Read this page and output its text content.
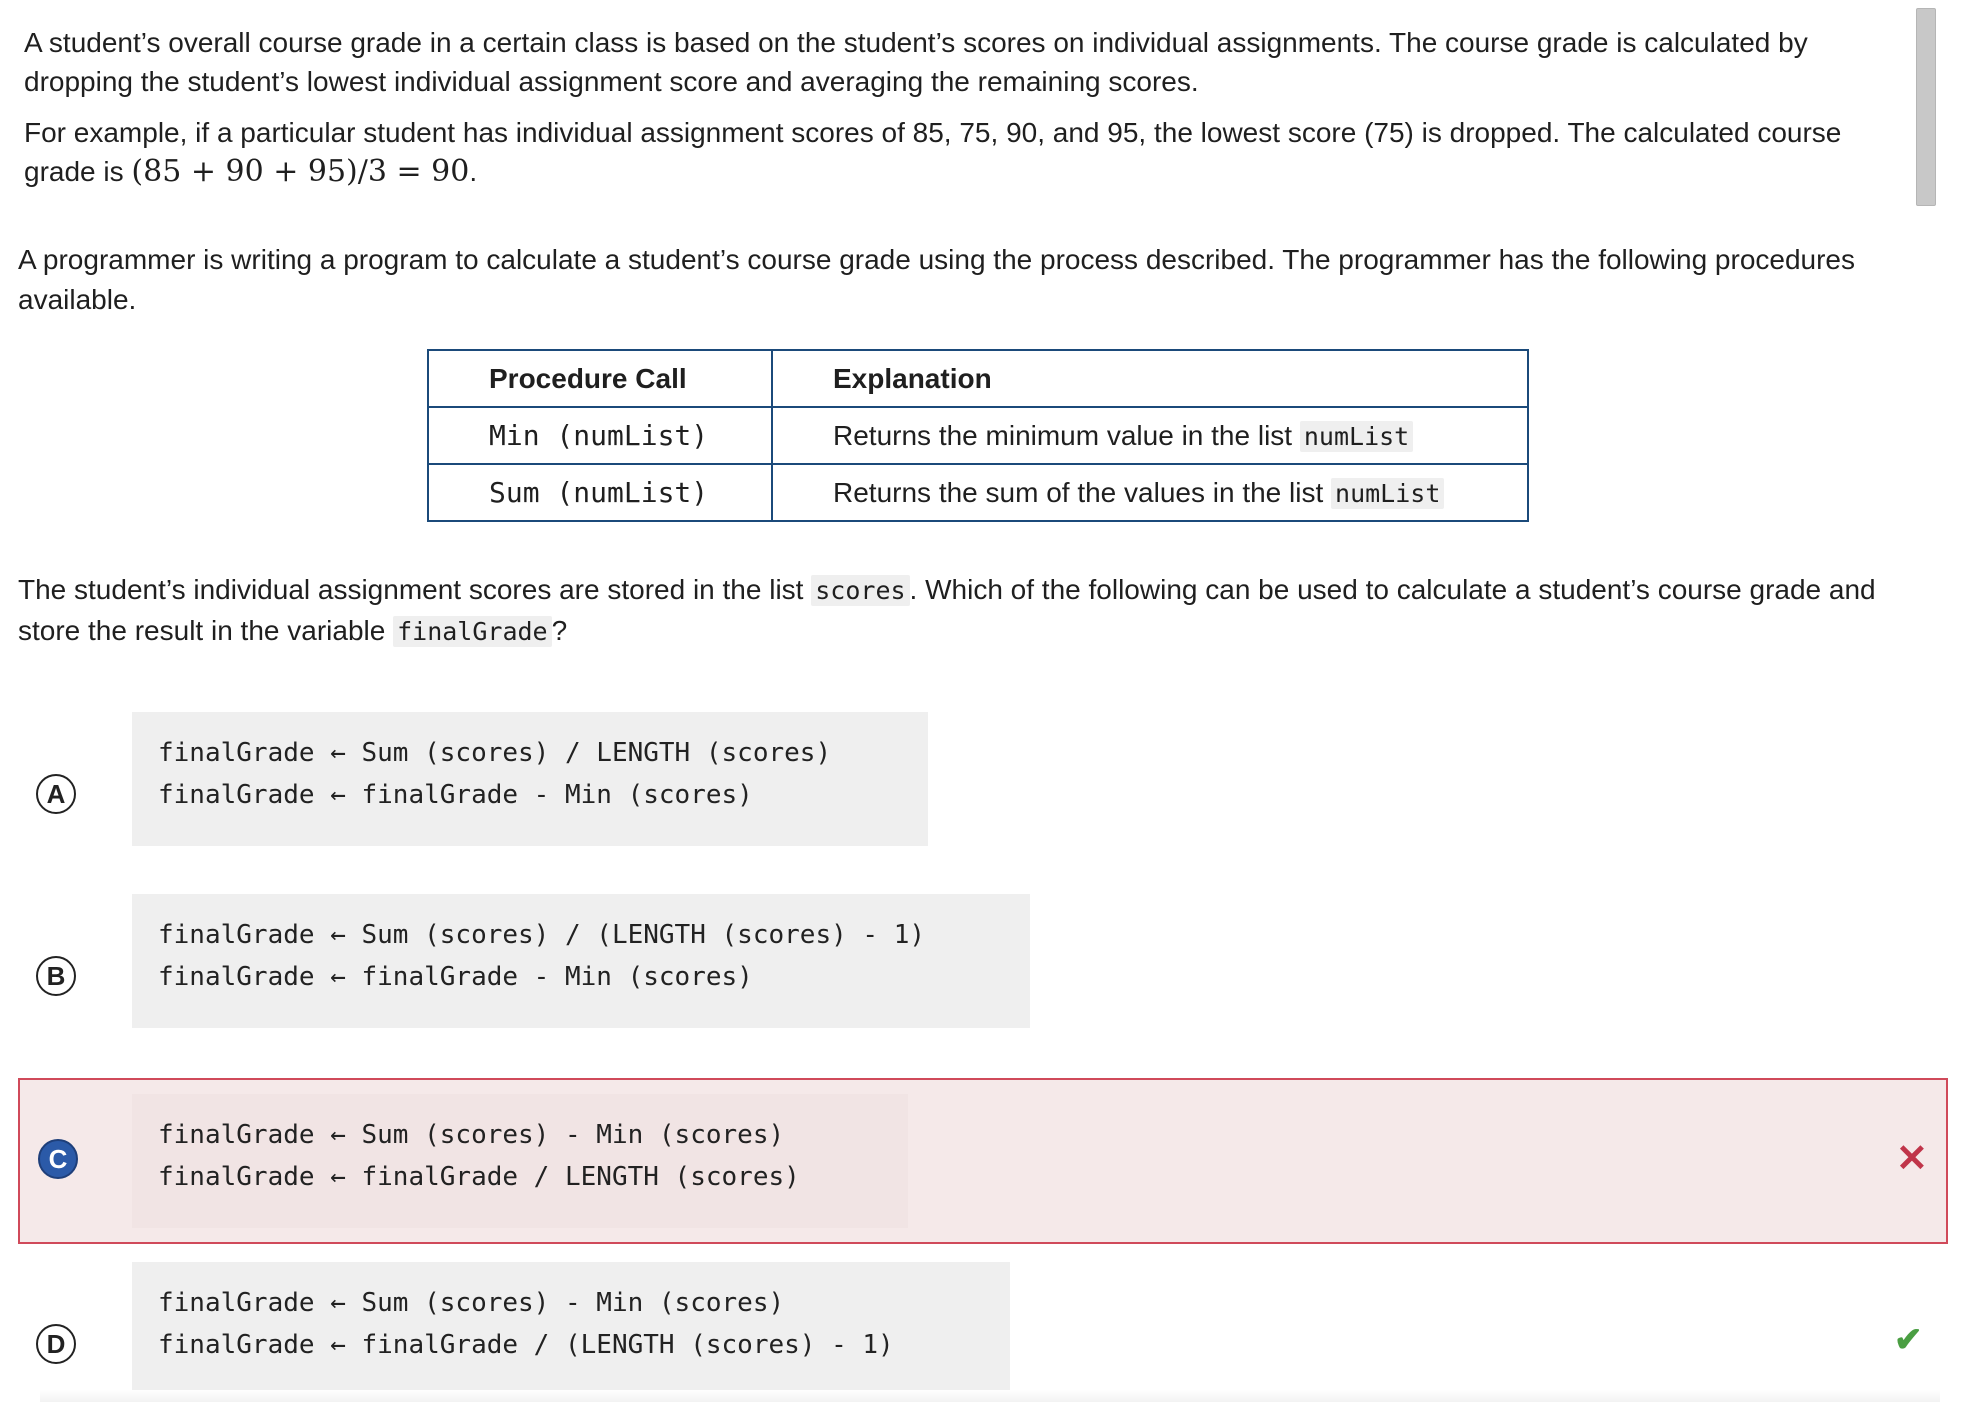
A student’s overall course grade in a certain class is based on the student’s scores on individual assignments. The course grade is calculated by dropping the student’s lowest individual assignment score and averaging the remaining scores.

For example, if a particular student has individual assignment scores of 85, 75, 90, and 95, the lowest score (75) is dropped. The calculated course grade is (85 + 90 + 95)/3 = 90.

A programmer is writing a program to calculate a student’s course grade using the process described. The programmer has the following procedures available.

Procedure Call	Explanation
Min (numList)	Returns the minimum value in the list numList
Sum (numList)	Returns the sum of the values in the list numList

The student’s individual assignment scores are stored in the list scores . Which of the following can be used to calculate a student’s course grade and store the result in the variable finalGrade ?

A
finalGrade ← Sum (scores) / LENGTH (scores)
finalGrade ← finalGrade - Min (scores)
B
finalGrade ← Sum (scores) / (LENGTH (scores) - 1)
finalGrade ← finalGrade - Min (scores)
C
finalGrade ← Sum (scores) - Min (scores)
finalGrade ← finalGrade / LENGTH (scores)	✕
D
finalGrade ← Sum (scores) - Min (scores)
finalGrade ← finalGrade / (LENGTH (scores) - 1)	✔
